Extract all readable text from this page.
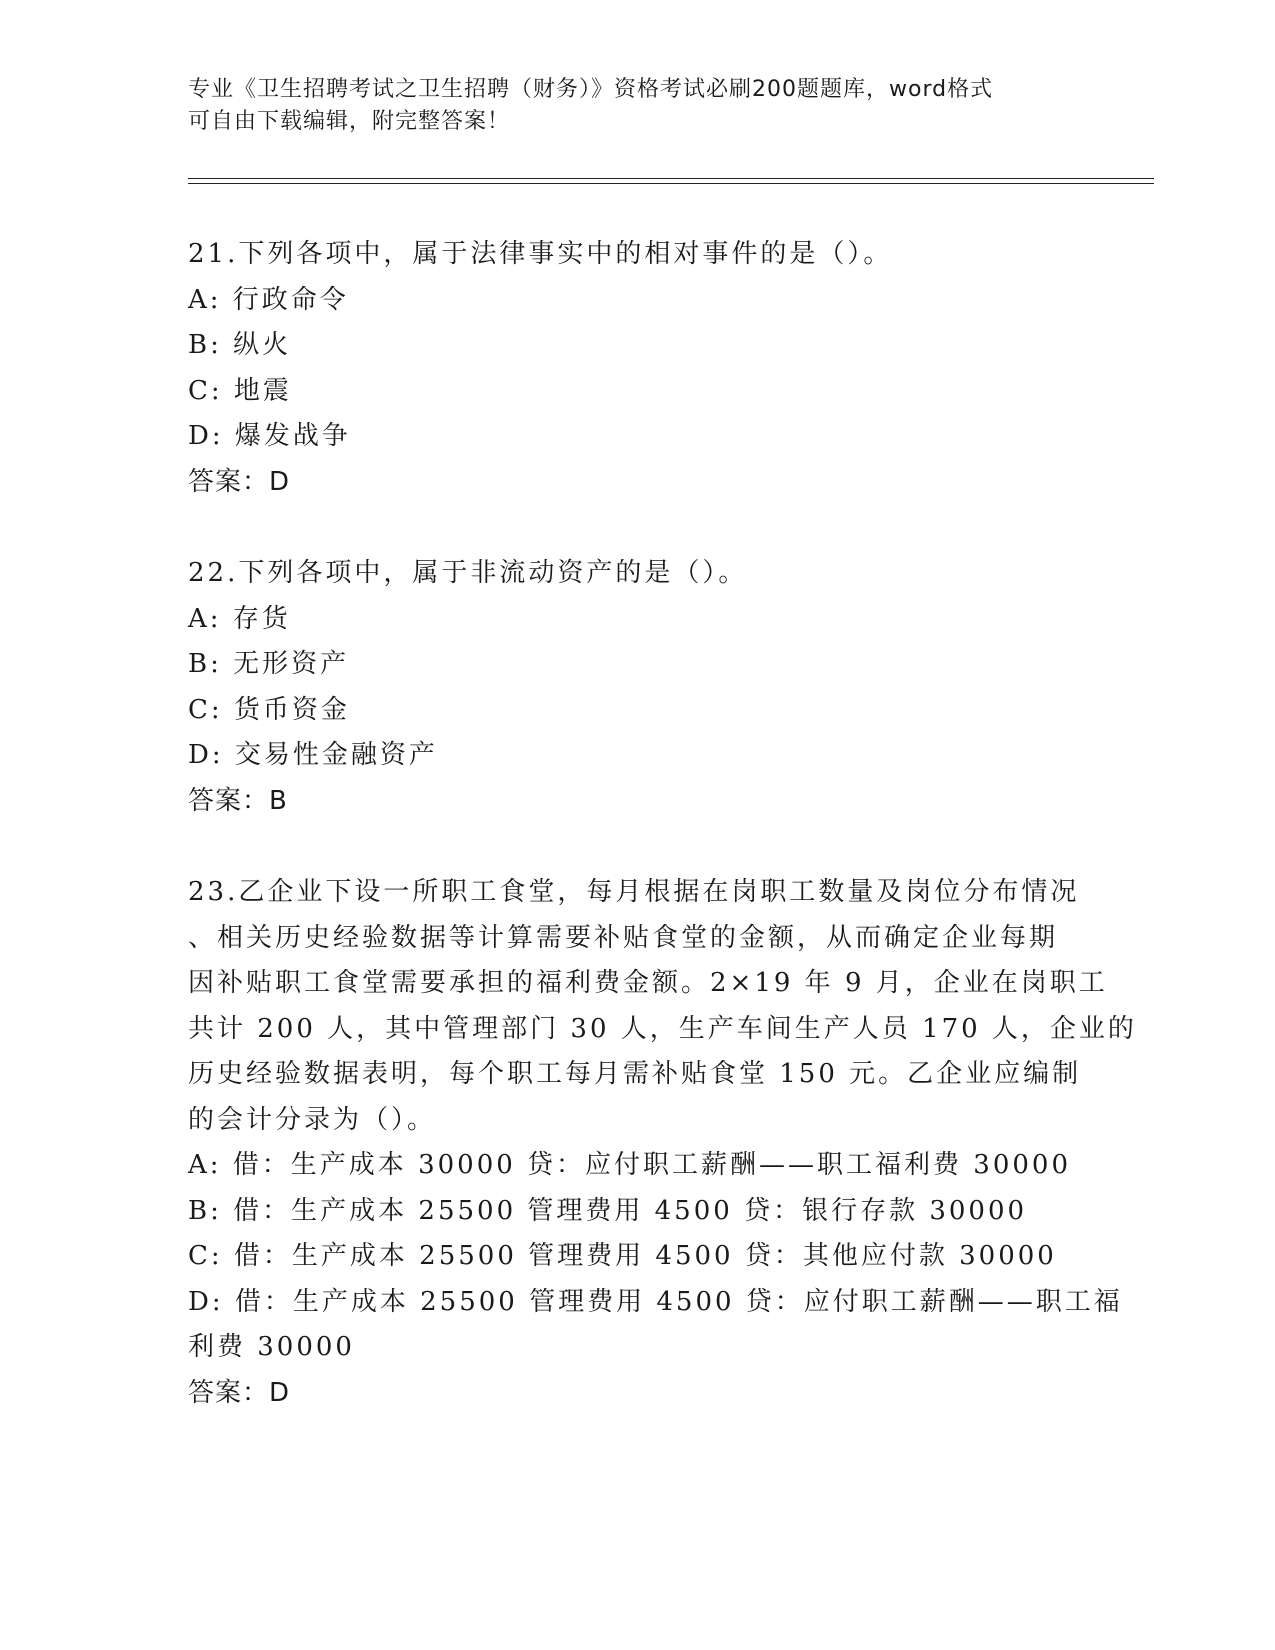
专业《卫生招聘考试之卫生招聘（财务）》资格考试必刷200题题库，word格式
可自由下载编辑，附完整答案！
21.下列各项中，属于法律事实中的相对事件的是（）。
A: 行政命令
B: 纵火
C: 地震
D: 爆发战争
答案：D
22.下列各项中，属于非流动资产的是（）。
A: 存货
B: 无形资产
C: 货币资金
D: 交易性金融资产
答案：B
23.乙企业下设一所职工食堂，每月根据在岗职工数量及岗位分布情况
、相关历史经验数据等计算需要补贴食堂的金额，从而确定企业每期
因补贴职工食堂需要承担的福利费金额。2×19 年 9 月，企业在岗职工
共计 200 人，其中管理部门 30 人，生产车间生产人员 170 人，企业的
历史经验数据表明，每个职工每月需补贴食堂 150 元。乙企业应编制
的会计分录为（）。
A: 借：生产成本 30000 贷：应付职工薪酬——职工福利费 30000
B: 借：生产成本 25500 管理费用 4500 贷：银行存款 30000
C: 借：生产成本 25500 管理费用 4500 贷：其他应付款 30000
D: 借：生产成本 25500 管理费用 4500 贷：应付职工薪酬——职工福
利费 30000
答案：D
